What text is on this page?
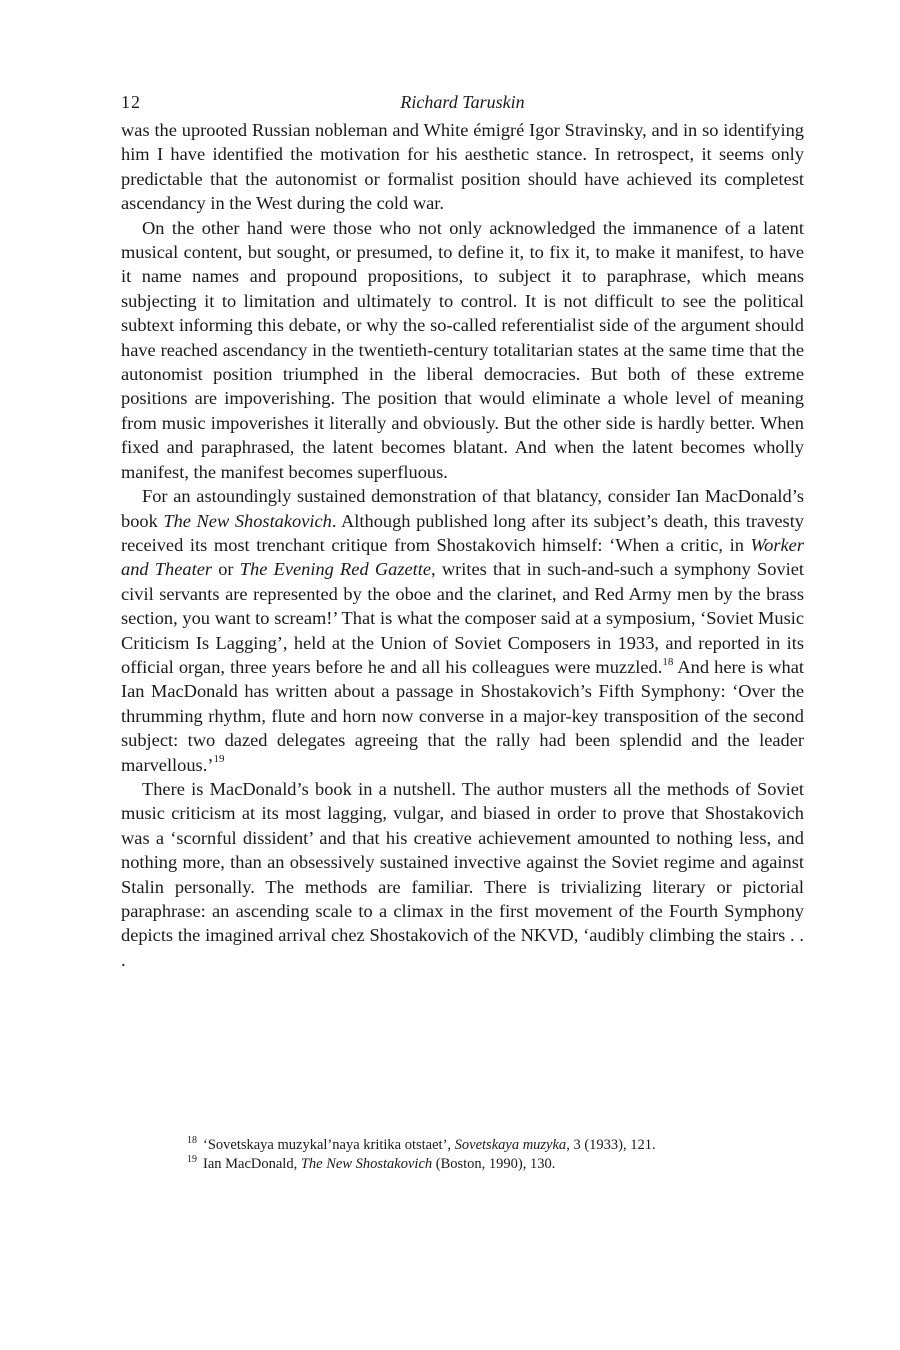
12	Richard Taruskin

was the uprooted Russian nobleman and White émigré Igor Stravinsky, and in so identifying him I have identified the motivation for his aesthetic stance. In retrospect, it seems only predictable that the autonomist or formalist position should have achieved its completest ascendancy in the West during the cold war.

On the other hand were those who not only acknowledged the immanence of a latent musical content, but sought, or presumed, to define it, to fix it, to make it manifest, to have it name names and propound propositions, to subject it to paraphrase, which means subjecting it to limitation and ultimately to control. It is not difficult to see the political subtext informing this debate, or why the so-called referentialist side of the argument should have reached ascendancy in the twentieth-century totalitarian states at the same time that the autonomist position triumphed in the liberal democracies. But both of these extreme positions are impoverishing. The position that would eliminate a whole level of meaning from music impoverishes it literally and obviously. But the other side is hardly better. When fixed and paraphrased, the latent becomes blatant. And when the latent becomes wholly manifest, the manifest becomes superfluous.

For an astoundingly sustained demonstration of that blatancy, consider Ian MacDonald’s book The New Shostakovich. Although published long after its subject’s death, this travesty received its most trenchant critique from Shostakovich himself: ‘When a critic, in Worker and Theater or The Evening Red Gazette, writes that in such-and-such a symphony Soviet civil servants are represented by the oboe and the clarinet, and Red Army men by the brass section, you want to scream!’ That is what the composer said at a symposium, ‘Soviet Music Criticism Is Lagging’, held at the Union of Soviet Composers in 1933, and reported in its official organ, three years before he and all his colleagues were muzzled.$^{18}$ And here is what Ian MacDonald has written about a passage in Shostakovich’s Fifth Symphony: ‘Over the thrumming rhythm, flute and horn now converse in a major-key transposition of the second subject: two dazed delegates agreeing that the rally had been splendid and the leader marvellous.’$^{19}$

There is MacDonald’s book in a nutshell. The author musters all the methods of Soviet music criticism at its most lagging, vulgar, and biased in order to prove that Shostakovich was a ‘scornful dissident’ and that his creative achievement amounted to nothing less, and nothing more, than an obsessively sustained invective against the Soviet regime and against Stalin personally. The methods are familiar. There is trivializing literary or pictorial paraphrase: an ascending scale to a climax in the first movement of the Fourth Symphony depicts the imagined arrival chez Shostakovich of the NKVD, ‘audibly climbing the stairs . . .

$^{18}$ ‘Sovetskaya muzykal’naya kritika otstaet’, Sovetskaya muzyka, 3 (1933), 121.
$^{19}$ Ian MacDonald, The New Shostakovich (Boston, 1990), 130.
